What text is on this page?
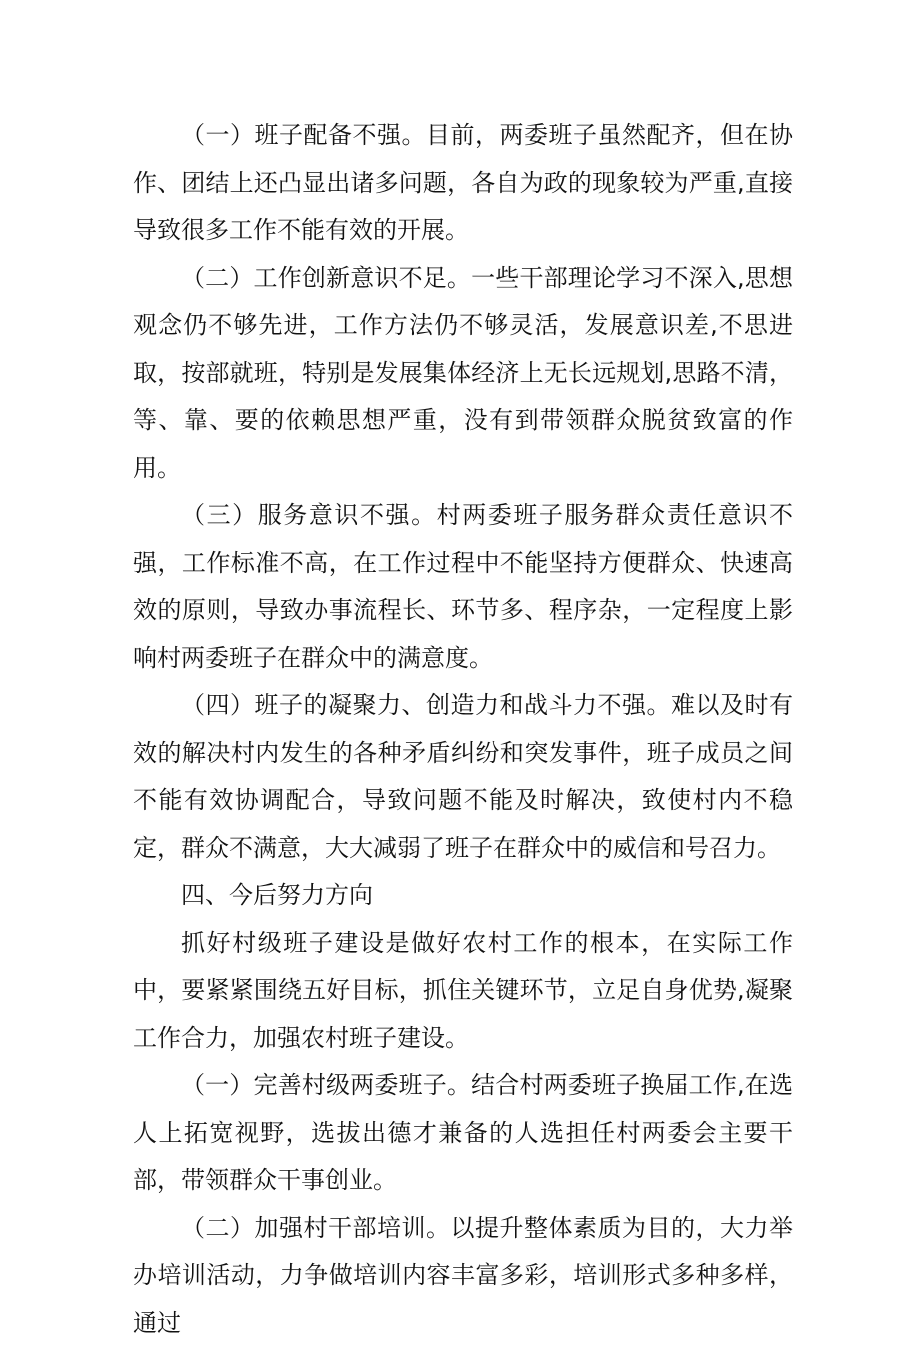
（一）班子配备不强。目前，两委班子虽然配齐，但在协作、团结上还凸显出诸多问题，各自为政的现象较为严重,直接导致很多工作不能有效的开展。

（二）工作创新意识不足。一些干部理论学习不深入,思想观念仍不够先进，工作方法仍不够灵活，发展意识差,不思进取，按部就班，特别是发展集体经济上无长远规划,思路不清，等、靠、要的依赖思想严重，没有到带领群众脱贫致富的作用。

（三）服务意识不强。村两委班子服务群众责任意识不强，工作标准不高，在工作过程中不能坚持方便群众、快速高效的原则，导致办事流程长、环节多、程序杂，一定程度上影响村两委班子在群众中的满意度。

（四）班子的凝聚力、创造力和战斗力不强。难以及时有效的解决村内发生的各种矛盾纠纷和突发事件，班子成员之间不能有效协调配合，导致问题不能及时解决，致使村内不稳定，群众不满意，大大减弱了班子在群众中的威信和号召力。

四、今后努力方向

抓好村级班子建设是做好农村工作的根本，在实际工作中，要紧紧围绕五好目标，抓住关键环节，立足自身优势,凝聚工作合力，加强农村班子建设。

（一）完善村级两委班子。结合村两委班子换届工作,在选人上拓宽视野，选拔出德才兼备的人选担任村两委会主要干部，带领群众干事创业。

（二）加强村干部培训。以提升整体素质为目的，大力举办培训活动，力争做培训内容丰富多彩，培训形式多种多样，通过
